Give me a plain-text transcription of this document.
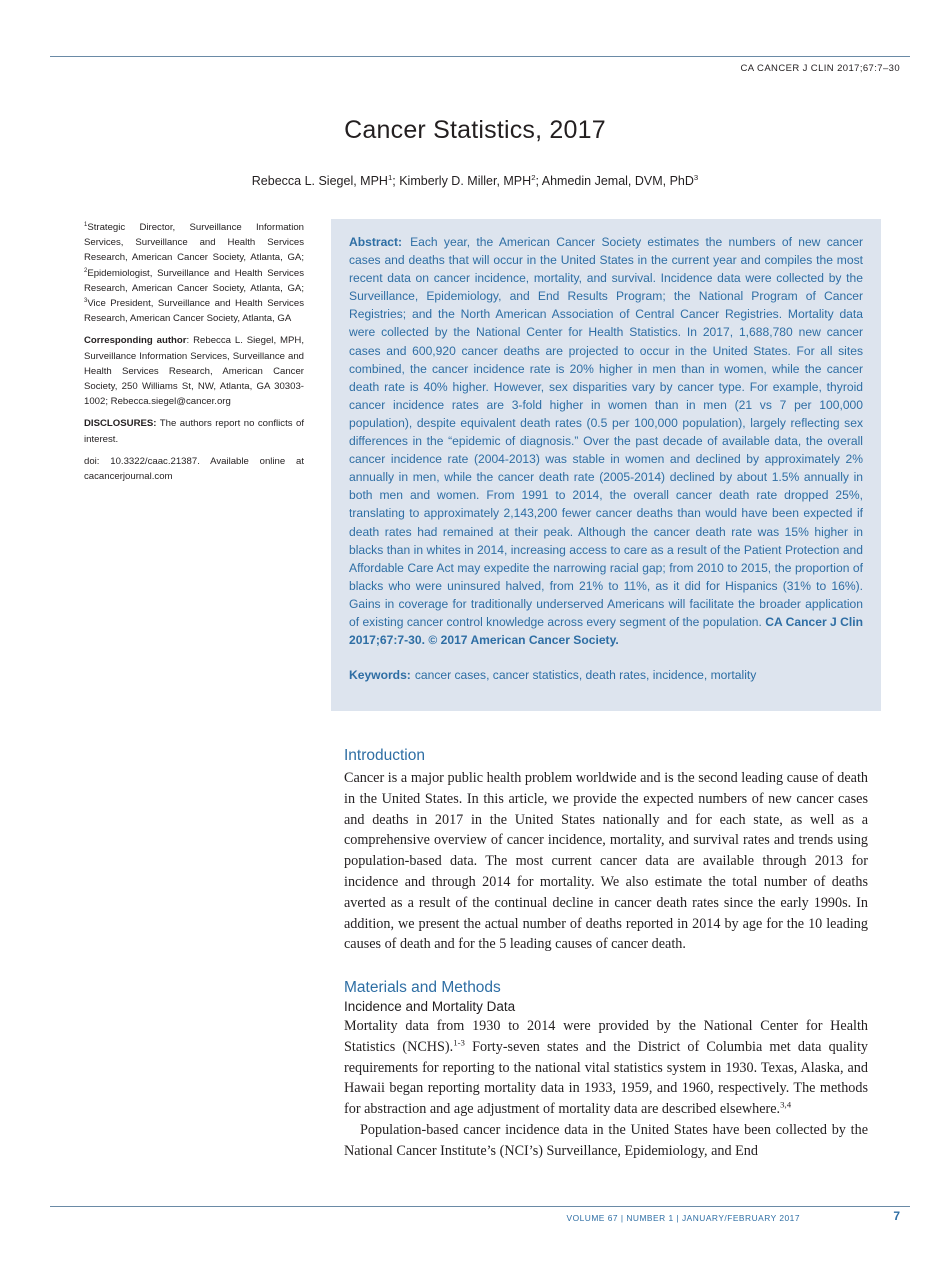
CA CANCER J CLIN 2017;67:7–30
Cancer Statistics, 2017
Rebecca L. Siegel, MPH$^1$; Kimberly D. Miller, MPH$^2$; Ahmedin Jemal, DVM, PhD$^3$

$^1$Strategic Director, Surveillance Information Services, Surveillance and Health Services Research, American Cancer Society, Atlanta, GA; $^2$Epidemiologist, Surveillance and Health Services Research, American Cancer Society, Atlanta, GA; $^3$Vice President, Surveillance and Health Services Research, American Cancer Society, Atlanta, GA

Corresponding author: Rebecca L. Siegel, MPH, Surveillance Information Services, Surveillance and Health Services Research, American Cancer Society, 250 Williams St, NW, Atlanta, GA 30303-1002; Rebecca.siegel@cancer.org

DISCLOSURES: The authors report no conflicts of interest.

doi: 10.3322/caac.21387. Available online at cacancerjournal.com

Abstract: Each year, the American Cancer Society estimates the numbers of new cancer cases and deaths that will occur in the United States in the current year and compiles the most recent data on cancer incidence, mortality, and survival. Incidence data were collected by the Surveillance, Epidemiology, and End Results Program; the National Program of Cancer Registries; and the North American Association of Central Cancer Registries. Mortality data were collected by the National Center for Health Statistics. In 2017, 1,688,780 new cancer cases and 600,920 cancer deaths are projected to occur in the United States. For all sites combined, the cancer incidence rate is 20% higher in men than in women, while the cancer death rate is 40% higher. However, sex disparities vary by cancer type. For example, thyroid cancer incidence rates are 3-fold higher in women than in men (21 vs 7 per 100,000 population), despite equivalent death rates (0.5 per 100,000 population), largely reflecting sex differences in the “epidemic of diagnosis.” Over the past decade of available data, the overall cancer incidence rate (2004-2013) was stable in women and declined by approximately 2% annually in men, while the cancer death rate (2005-2014) declined by about 1.5% annually in both men and women. From 1991 to 2014, the overall cancer death rate dropped 25%, translating to approximately 2,143,200 fewer cancer deaths than would have been expected if death rates had remained at their peak. Although the cancer death rate was 15% higher in blacks than in whites in 2014, increasing access to care as a result of the Patient Protection and Affordable Care Act may expedite the narrowing racial gap; from 2010 to 2015, the proportion of blacks who were uninsured halved, from 21% to 11%, as it did for Hispanics (31% to 16%). Gains in coverage for traditionally underserved Americans will facilitate the broader application of existing cancer control knowledge across every segment of the population. CA Cancer J Clin 2017;67:7-30. © 2017 American Cancer Society.

Keywords: cancer cases, cancer statistics, death rates, incidence, mortality

Introduction

Cancer is a major public health problem worldwide and is the second leading cause of death in the United States. In this article, we provide the expected numbers of new cancer cases and deaths in 2017 in the United States nationally and for each state, as well as a comprehensive overview of cancer incidence, mortality, and survival rates and trends using population-based data. The most current cancer data are available through 2013 for incidence and through 2014 for mortality. We also estimate the total number of deaths averted as a result of the continual decline in cancer death rates since the early 1990s. In addition, we present the actual number of deaths reported in 2014 by age for the 10 leading causes of death and for the 5 leading causes of cancer death.

Materials and Methods
Incidence and Mortality Data

Mortality data from 1930 to 2014 were provided by the National Center for Health Statistics (NCHS).$^{1-3}$ Forty-seven states and the District of Columbia met data quality requirements for reporting to the national vital statistics system in 1930. Texas, Alaska, and Hawaii began reporting mortality data in 1933, 1959, and 1960, respectively. The methods for abstraction and age adjustment of mortality data are described elsewhere.$^{3,4}$

Population-based cancer incidence data in the United States have been collected by the National Cancer Institute’s (NCI’s) Surveillance, Epidemiology, and End

VOLUME 67 | NUMBER 1 | JANUARY/FEBRUARY 2017	7
